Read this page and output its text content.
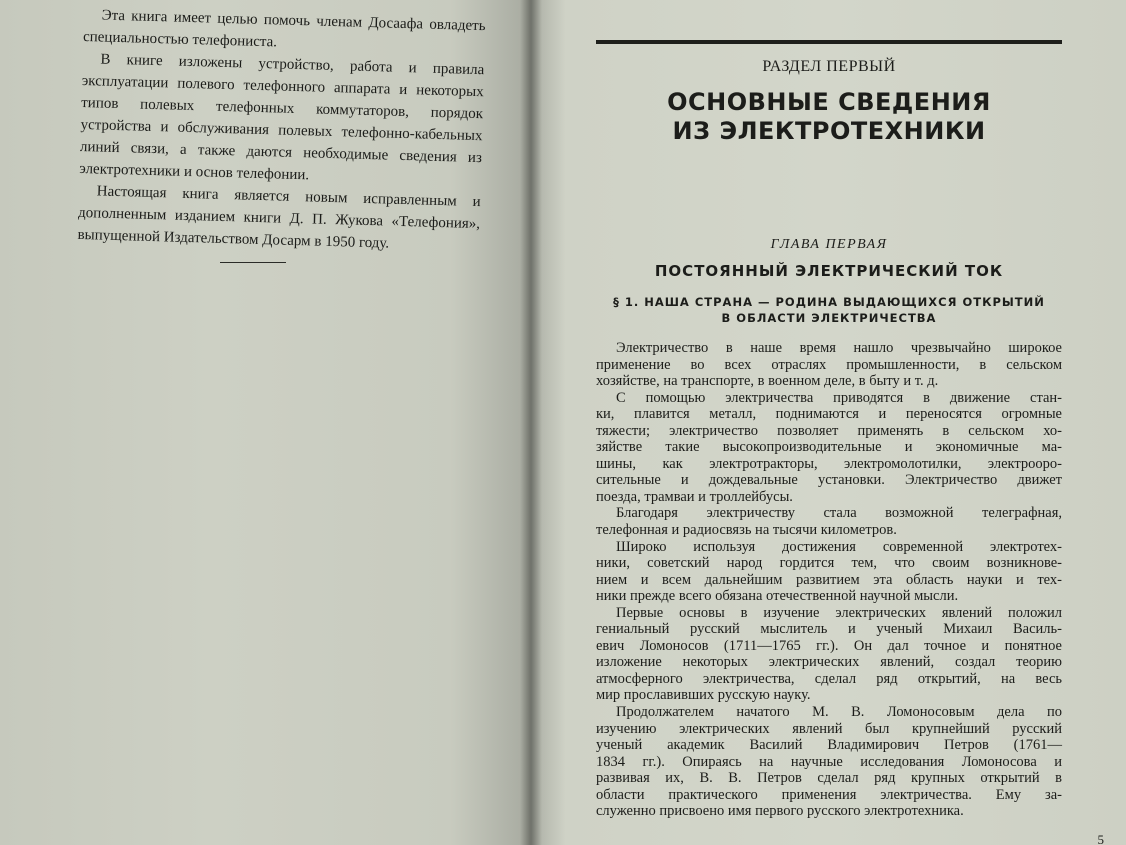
Эта книга имеет целью помочь членам Досаафа овладеть специальностью телефониста.

В книге изложены устройство, работа и правила эксплуатации полевого телефонного аппарата и некоторых типов полевых телефонных коммутаторов, порядок устройства и обслуживания полевых телефонно-кабельных линий связи, а также даются необходимые сведения из электротехники и основ телефонии.

Настоящая книга является новым исправленным и дополненным изданием книги Д. П. Жукова «Телефония», выпущенной Издательством Досарм в 1950 году.

РАЗДЕЛ ПЕРВЫЙ
ОСНОВНЫЕ СВЕДЕНИЯ
ИЗ ЭЛЕКТРОТЕХНИКИ
ГЛАВА ПЕРВАЯ
ПОСТОЯННЫЙ ЭЛЕКТРИЧЕСКИЙ ТОК
§ 1. НАША СТРАНА — РОДИНА ВЫДАЮЩИХСЯ ОТКРЫТИЙ
В ОБЛАСТИ ЭЛЕКТРИЧЕСТВА
Электричество в наше время нашло чрезвычайно широкое
применение во всех отраслях промышленности, в сельском
хозяйстве, на транспорте, в военном деле, в быту и т. д.
С помощью электричества приводятся в движение стан-
ки, плавится металл, поднимаются и переносятся огромные
тяжести; электричество позволяет применять в сельском хо-
зяйстве такие высокопроизводительные и экономичные ма-
шины, как электротракторы, электромолотилки, электрооро-
сительные и дождевальные установки. Электричество движет
поезда, трамваи и троллейбусы.
Благодаря электричеству стала возможной телеграфная,
телефонная и радиосвязь на тысячи километров.
Широко используя достижения современной электротех-
ники, советский народ гордится тем, что своим возникнове-
нием и всем дальнейшим развитием эта область науки и тех-
ники прежде всего обязана отечественной научной мысли.
Первые основы в изучение электрических явлений положил
гениальный русский мыслитель и ученый Михаил Василь-
евич Ломоносов (1711—1765 гг.). Он дал точное и понятное
изложение некоторых электрических явлений, создал теорию
атмосферного электричества, сделал ряд открытий, на весь
мир прославивших русскую науку.
Продолжателем начатого М. В. Ломоносовым дела по
изучению электрических явлений был крупнейший русский
ученый академик Василий Владимирович Петров (1761—
1834 гг.). Опираясь на научные исследования Ломоносова и
развивая их, В. В. Петров сделал ряд крупных открытий в
области практического применения электричества. Ему за-
служенно присвоено имя первого русского электротехника.
5
